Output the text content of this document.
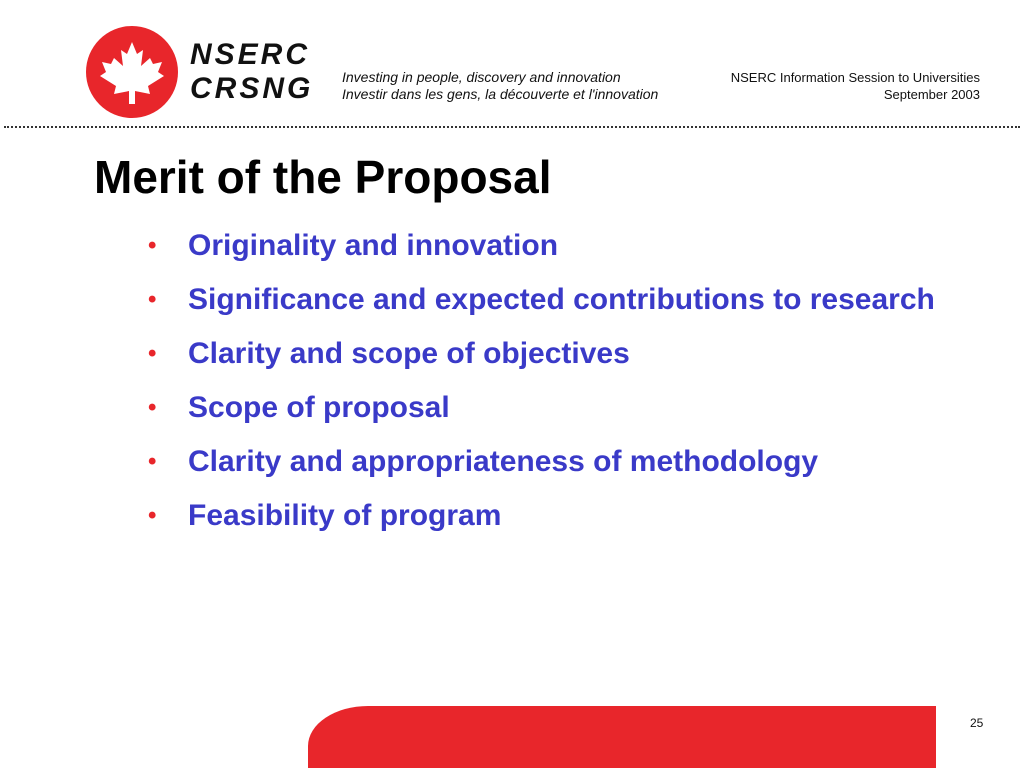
NSERC
CRSNG Investing in people, discovery and innovation
Investir dans les gens, la découverte et l'innovation
NSERC Information Session to Universities
September 2003
Merit of the Proposal
• Originality and innovation
• Significance and expected contributions to research
• Clarity and scope of objectives
• Scope of proposal
• Clarity and appropriateness of methodology
• Feasibility of program
25
